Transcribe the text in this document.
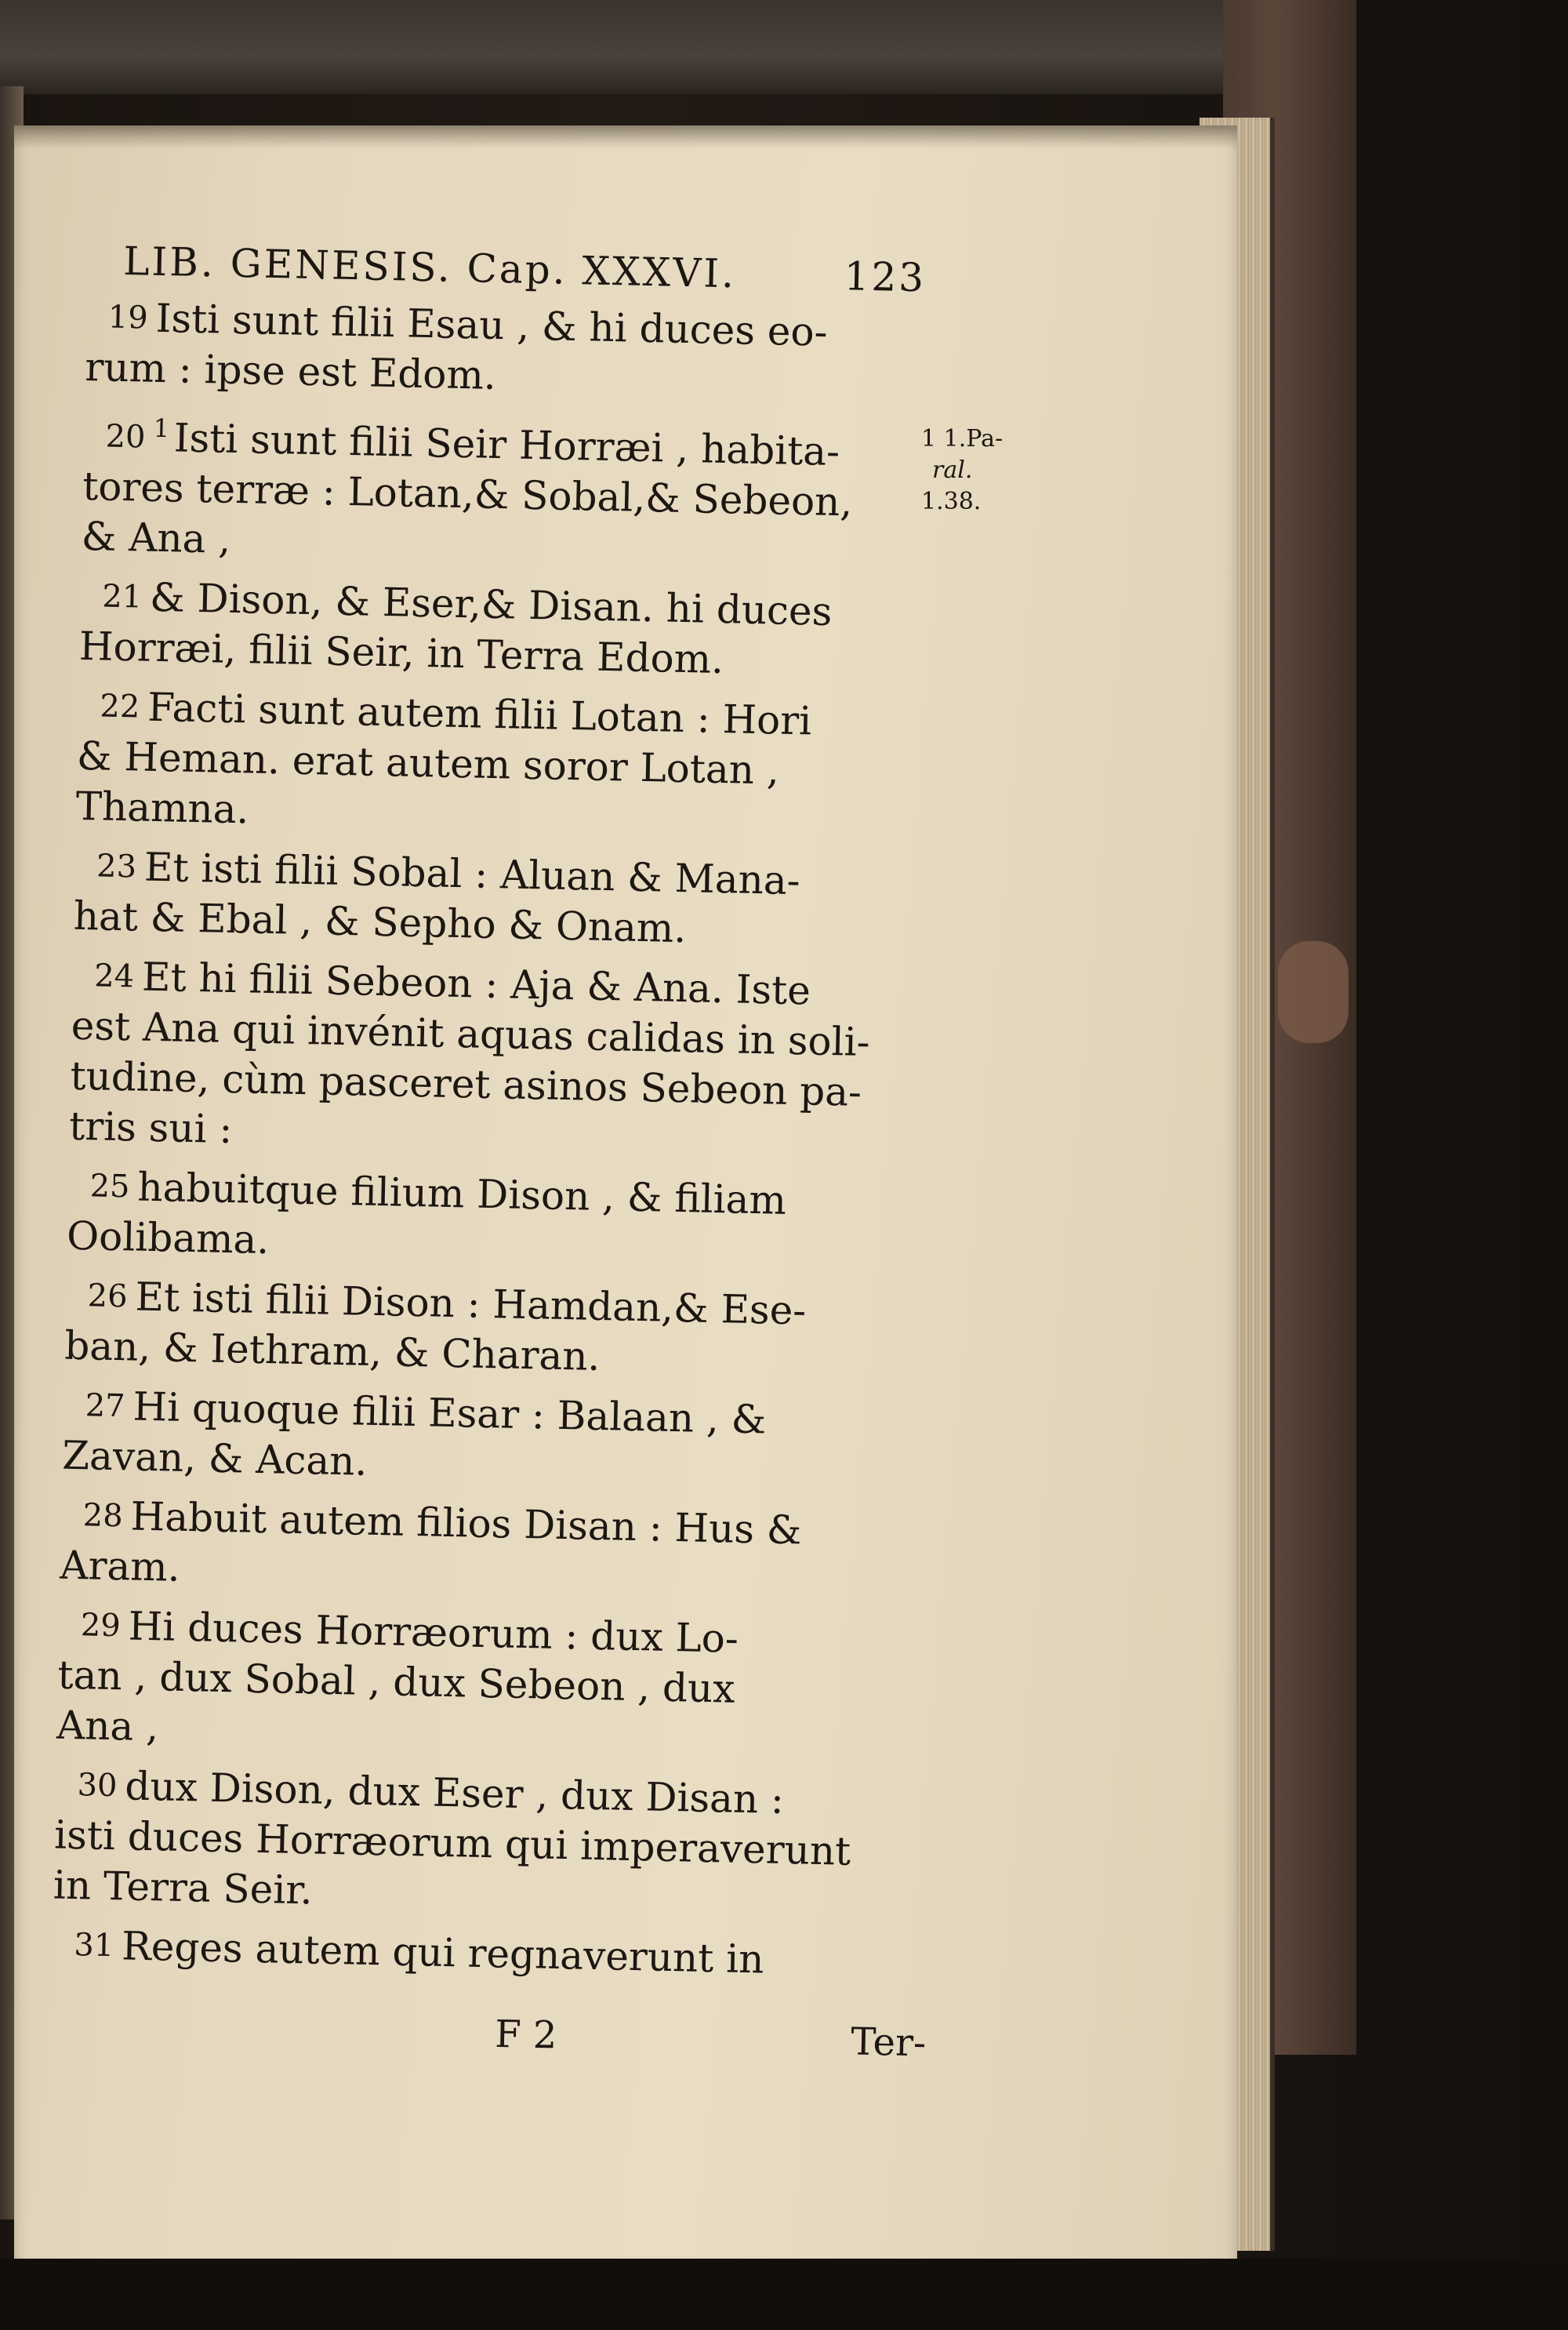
LIB. GENESIS. Cap. XXXVI.	123
19 Isti sunt filii Esau , & hi duces eo-
rum : ipse est Edom.
20 $^1$Isti sunt filii Seir Horræi , habita-
tores terræ : Lotan,& Sobal,& Sebeon,
& Ana ,
21 & Dison, & Eser,& Disan. hi duces
Horræi, filii Seir, in Terra Edom.
22 Facti sunt autem filii Lotan : Hori
& Heman. erat autem soror Lotan ,
Thamna.
23 Et isti filii Sobal : Aluan & Mana-
hat & Ebal , & Sepho & Onam.
24 Et hi filii Sebeon : Aja & Ana. Iste
est Ana qui invénit aquas calidas in soli-
tudine, cùm pasceret asinos Sebeon pa-
tris sui :
25 habuitque filium Dison , & filiam
Oolibama.
26 Et isti filii Dison : Hamdan,& Ese-
ban, & Iethram, & Charan.
27 Hi quoque filii Esar : Balaan , &
Zavan, & Acan.
28 Habuit autem filios Disan : Hus &
Aram.
29 Hi duces Horræorum : dux Lo-
tan , dux Sobal , dux Sebeon , dux
Ana ,
30 dux Dison, dux Eser , dux Disan :
isti duces Horræorum qui imperaverunt
in Terra Seir.
31 Reges autem qui regnaverunt in
1 1.Pa-
ral.
1.38.
F 2	Ter-
